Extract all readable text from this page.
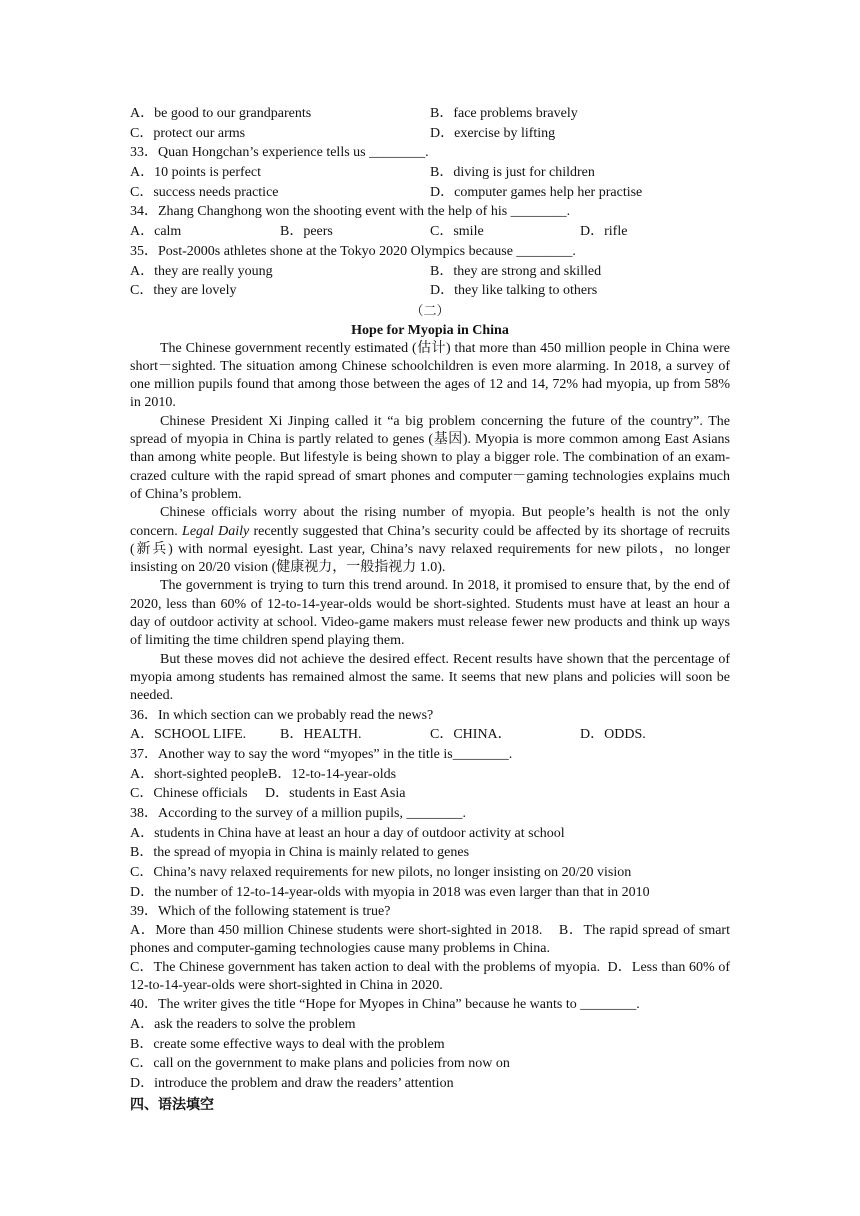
A．be good to our grandparents	B．face problems bravely
C．protect our arms	D．exercise by lifting
33．Quan Hongchan’s experience tells us ________.
A．10 points is perfect	B．diving is just for children
C．success needs practice	D．computer games help her practise
34．Zhang Changhong won the shooting event with the help of his ________.
A．calm	B．peers	C．smile	D．rifle
35．Post-2000s athletes shone at the Tokyo 2020 Olympics because ________.
A．they are really young	B．they are strong and skilled
C．they are lovely	D．they like talking to others
（二）
Hope for Myopia in China

The Chinese government recently estimated (估计) that more than 450 million people in China were short－sighted. The situation among Chinese schoolchildren is even more alarming. In 2018, a survey of one million pupils found that among those between the ages of 12 and 14, 72% had myopia, up from 58% in 2010.

Chinese President Xi Jinping called it “a big problem concerning the future of the country”. The spread of myopia in China is partly related to genes (基因). Myopia is more common among East Asians than among white people. But lifestyle is being shown to play a bigger role. The combination of an exam-crazed culture with the rapid spread of smart phones and computer－gaming technologies explains much of China’s problem.

Chinese officials worry about the rising number of myopia. But people’s health is not the only concern. Legal Daily recently suggested that China’s security could be affected by its shortage of recruits (新兵) with normal eyesight. Last year, China’s navy relaxed requirements for new pilots，no longer insisting on 20/20 vision (健康视力，一般指视力 1.0).

The government is trying to turn this trend around. In 2018, it promised to ensure that, by the end of 2020, less than 60% of 12-to-14-year-olds would be short-sighted. Students must have at least an hour a day of outdoor activity at school. Video-game makers must release fewer new products and think up ways of limiting the time children spend playing them.

But these moves did not achieve the desired effect. Recent results have shown that the percentage of myopia among students has remained almost the same. It seems that new plans and policies will soon be needed.

36．In which section can we probably read the news?
A．SCHOOL LIFE. B．HEALTH.	C．CHINA．	D．ODDS.
37．Another way to say the word “myopes” in the title is________.
A．short-sighted peopleB．12-to-14-year-olds
C．Chinese officials     D．students in East Asia
38．According to the survey of a million pupils, ________.
A．students in China have at least an hour a day of outdoor activity at school
B．the spread of myopia in China is mainly related to genes
C．China’s navy relaxed requirements for new pilots, no longer insisting on 20/20 vision
D．the number of 12-to-14-year-olds with myopia in 2018 was even larger than that in 2010
39．Which of the following statement is true?

A．More than 450 million Chinese students were short-sighted in 2018.    B．The rapid spread of smart phones and computer-gaming technologies cause many problems in China.

C．The Chinese government has taken action to deal with the problems of myopia.  D．Less than 60% of 12-to-14-year-olds were short-sighted in China in 2020.

40．The writer gives the title “Hope for Myopes in China” because he wants to ________.
A．ask the readers to solve the problem
B．create some effective ways to deal with the problem
C．call on the government to make plans and policies from now on
D．introduce the problem and draw the readers’ attention
四、语法填空
